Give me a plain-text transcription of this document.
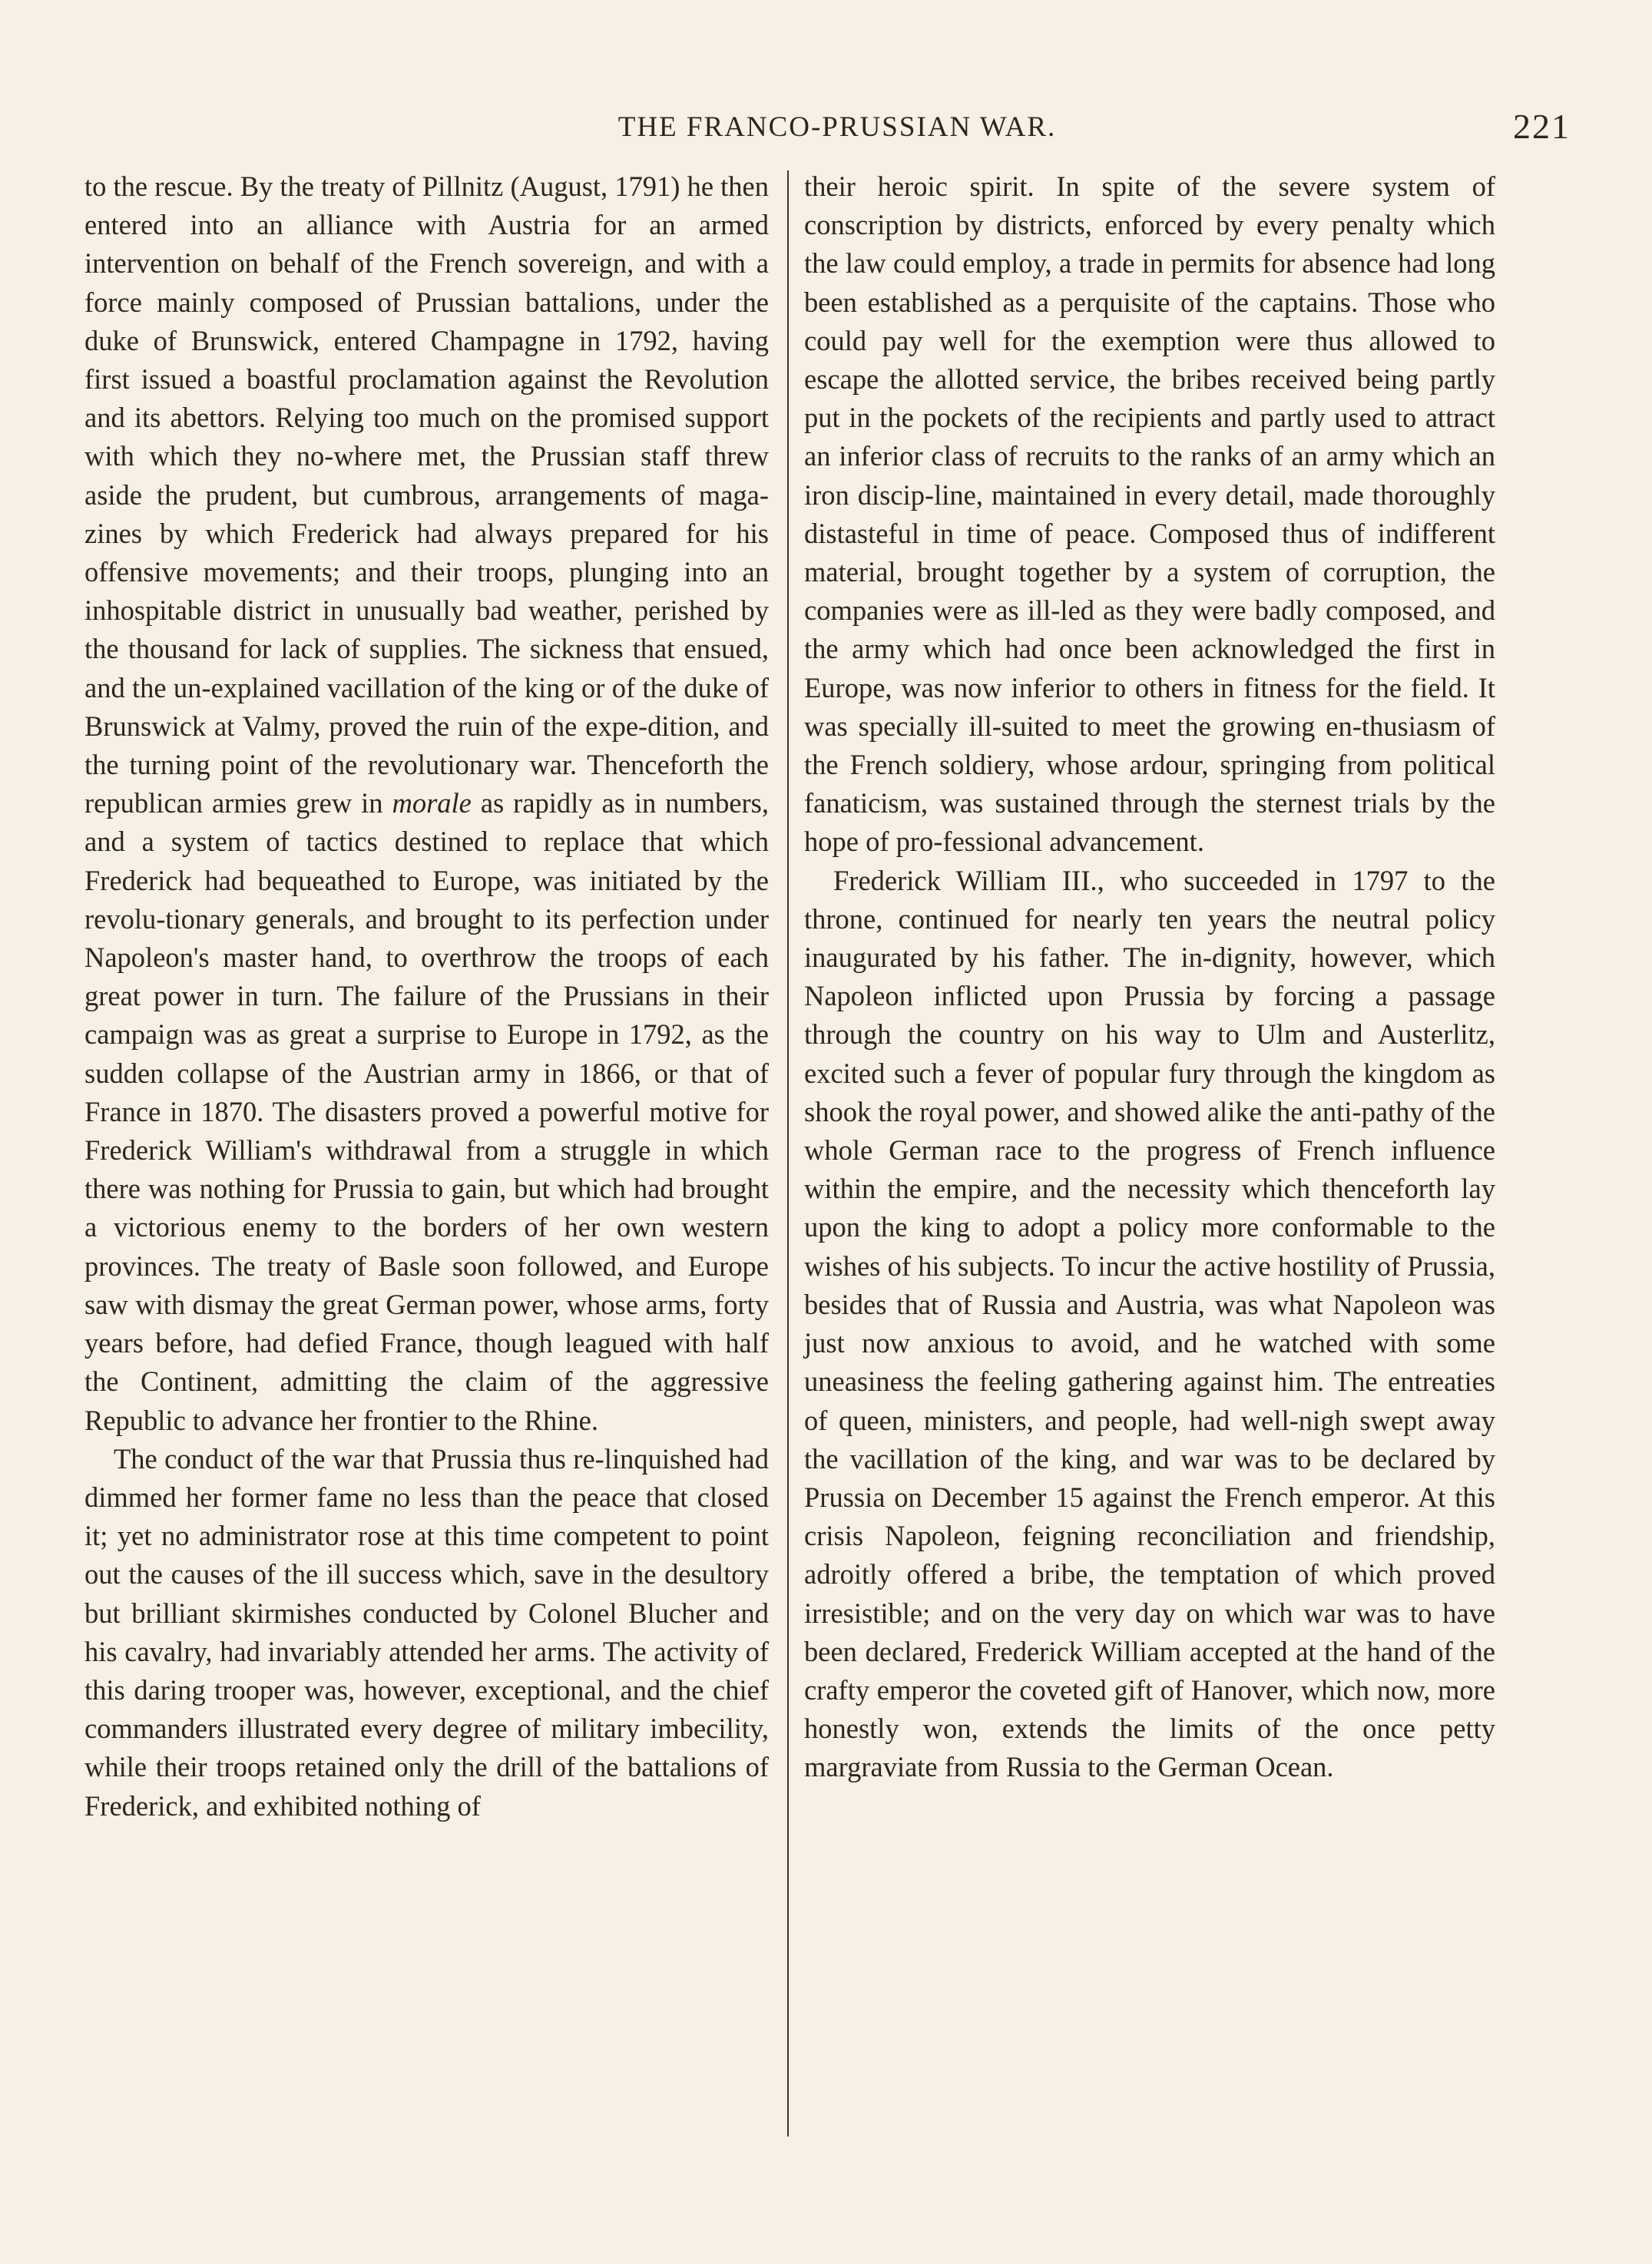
THE FRANCO-PRUSSIAN WAR.	221

to the rescue. By the treaty of Pillnitz (August, 1791) he then entered into an alliance with Austria for an armed intervention on behalf of the French sovereign, and with a force mainly composed of Prussian battalions, under the duke of Brunswick, entered Champagne in 1792, having first issued a boastful proclamation against the Revolution and its abettors. Relying too much on the promised support with which they no-where met, the Prussian staff threw aside the prudent, but cumbrous, arrangements of maga-zines by which Frederick had always prepared for his offensive movements; and their troops, plunging into an inhospitable district in unusually bad weather, perished by the thousand for lack of supplies. The sickness that ensued, and the un-explained vacillation of the king or of the duke of Brunswick at Valmy, proved the ruin of the expe-dition, and the turning point of the revolutionary war. Thenceforth the republican armies grew in morale as rapidly as in numbers, and a system of tactics destined to replace that which Frederick had bequeathed to Europe, was initiated by the revolu-tionary generals, and brought to its perfection under Napoleon's master hand, to overthrow the troops of each great power in turn. The failure of the Prussians in their campaign was as great a surprise to Europe in 1792, as the sudden collapse of the Austrian army in 1866, or that of France in 1870. The disasters proved a powerful motive for Frederick William's withdrawal from a struggle in which there was nothing for Prussia to gain, but which had brought a victorious enemy to the borders of her own western provinces. The treaty of Basle soon followed, and Europe saw with dismay the great German power, whose arms, forty years before, had defied France, though leagued with half the Continent, admitting the claim of the aggressive Republic to advance her frontier to the Rhine.

The conduct of the war that Prussia thus re-linquished had dimmed her former fame no less than the peace that closed it; yet no administrator rose at this time competent to point out the causes of the ill success which, save in the desultory but brilliant skirmishes conducted by Colonel Blucher and his cavalry, had invariably attended her arms. The activity of this daring trooper was, however, exceptional, and the chief commanders illustrated every degree of military imbecility, while their troops retained only the drill of the battalions of Frederick, and exhibited nothing of

their heroic spirit. In spite of the severe system of conscription by districts, enforced by every penalty which the law could employ, a trade in permits for absence had long been established as a perquisite of the captains. Those who could pay well for the exemption were thus allowed to escape the allotted service, the bribes received being partly put in the pockets of the recipients and partly used to attract an inferior class of recruits to the ranks of an army which an iron discip-line, maintained in every detail, made thoroughly distasteful in time of peace. Composed thus of indifferent material, brought together by a system of corruption, the companies were as ill-led as they were badly composed, and the army which had once been acknowledged the first in Europe, was now inferior to others in fitness for the field. It was specially ill-suited to meet the growing en-thusiasm of the French soldiery, whose ardour, springing from political fanaticism, was sustained through the sternest trials by the hope of pro-fessional advancement.

Frederick William III., who succeeded in 1797 to the throne, continued for nearly ten years the neutral policy inaugurated by his father. The in-dignity, however, which Napoleon inflicted upon Prussia by forcing a passage through the country on his way to Ulm and Austerlitz, excited such a fever of popular fury through the kingdom as shook the royal power, and showed alike the anti-pathy of the whole German race to the progress of French influence within the empire, and the necessity which thenceforth lay upon the king to adopt a policy more conformable to the wishes of his subjects. To incur the active hostility of Prussia, besides that of Russia and Austria, was what Napoleon was just now anxious to avoid, and he watched with some uneasiness the feeling gathering against him. The entreaties of queen, ministers, and people, had well-nigh swept away the vacillation of the king, and war was to be declared by Prussia on December 15 against the French emperor. At this crisis Napoleon, feigning reconciliation and friendship, adroitly offered a bribe, the temptation of which proved irresistible; and on the very day on which war was to have been declared, Frederick William accepted at the hand of the crafty emperor the coveted gift of Hanover, which now, more honestly won, extends the limits of the once petty margraviate from Russia to the German Ocean.
